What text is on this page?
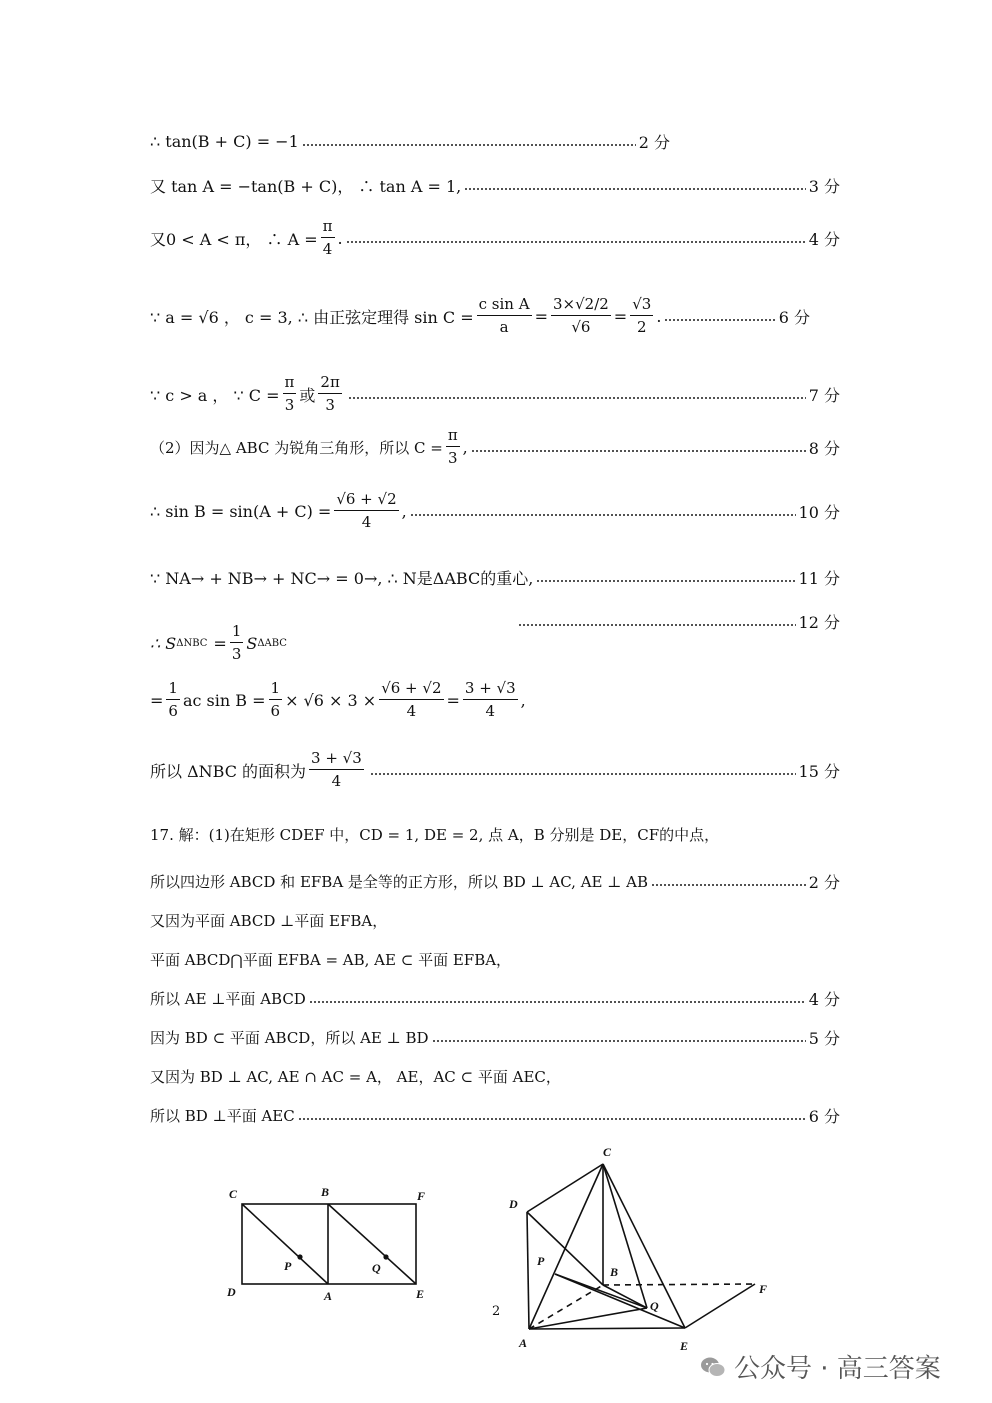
∴ tan(B + C) = −1	2 分
又 tan A = −tan(B + C)， ∴ tan A = 1,	3 分
又0 < A < π， ∴ $A = \frac{\pi}{4}$ .	4 分
∵ a = √6 ， c = 3, ∴ 由正弦定理得 $\sin C = \frac{\text{c sin A}}{a} = \frac{3\times√2/2}{√6} = \frac{√3}{2}$ .	6 分
∵ c > a ， ∵ $C = \frac{\pi}{3}$ 或 $\frac{2\pi}{3}$	7 分
（2）因为△ ABC 为锐角三角形，所以 $C = \frac{\pi}{3}$ ,	8 分
∴ $\sin B = \sin(A + C) = \frac{√6 + √2}{4}$ ,	10 分
∵ NA→ + NB→ + NC→ = 0→, ∴ N是ΔABC的重心,	11 分
12 分
∴ S $\Delta NBC = \frac{1}{3}$ S ΔABC
= $\frac{1}{6}$ ac $\sin B = \frac{1}{6} \times √6 \times 3 \times \frac{√6 + √2}{4} = \frac{3 + √3}{4}$ ,
所以 ΔNBC 的面积为 $\frac{3 + √3}{4}$	15 分
17. 解：(1)在矩形 CDEF 中，CD = 1, DE = 2, 点 A，B 分别是 DE，CF的中点，
所以四边形 ABCD 和 EFBA 是全等的正方形，所以 BD ⊥ AC, AE ⊥ AB	2 分
又因为平面 ABCD ⊥平面 EFBA，
平面 ABCD⋂平面 EFBA = AB, AE ⊂ 平面 EFBA，
所以 AE ⊥平面 ABCD	4 分
因为 BD ⊂ 平面 ABCD，所以 AE ⊥ BD	5 分
又因为 BD ⊥ AC, AE ∩ AC = A， AE，AC ⊂ 平面 AEC，
所以 BD ⊥平面 AEC	6 分
C	B	F
P	Q
D	A	E
C
D
P
B
F
Q
A	E
2
公众号 · 高三答案
